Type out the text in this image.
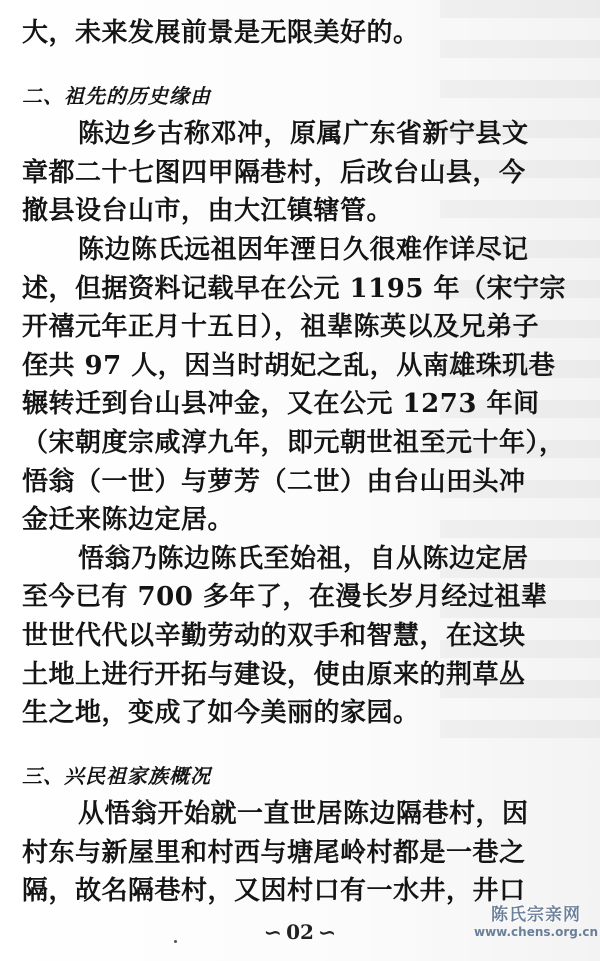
大，未来发展前景是无限美好的。
二、祖先的历史缘由
陈边乡古称邓冲，原属广东省新宁县文
章都二十七图四甲隔巷村，后改台山县，今
撤县设台山市，由大江镇辖管。
陈边陈氏远祖因年湮日久很难作详尽记
述，但据资料记载早在公元 1195 年（宋宁宗
开禧元年正月十五日），祖辈陈英以及兄弟子
侄共 97 人，因当时胡妃之乱，从南雄珠玑巷
辗转迁到台山县冲金，又在公元 1273 年间
（宋朝度宗咸淳九年，即元朝世祖至元十年），
悟翁（一世）与萝芳（二世）由台山田头冲
金迁来陈边定居。
悟翁乃陈边陈氏至始祖，自从陈边定居
至今已有 700 多年了，在漫长岁月经过祖辈
世世代代以辛勤劳动的双手和智慧，在这块
土地上进行开拓与建设，使由原来的荆草丛
生之地，变成了如今美丽的家园。
三、兴民祖家族概况
从悟翁开始就一直世居陈边隔巷村，因
村东与新屋里和村西与塘尾岭村都是一巷之
隔，故名隔巷村，又因村口有一水井，井口
∽ 02 ∽
陈氏宗亲网
www.chens.org.cn
